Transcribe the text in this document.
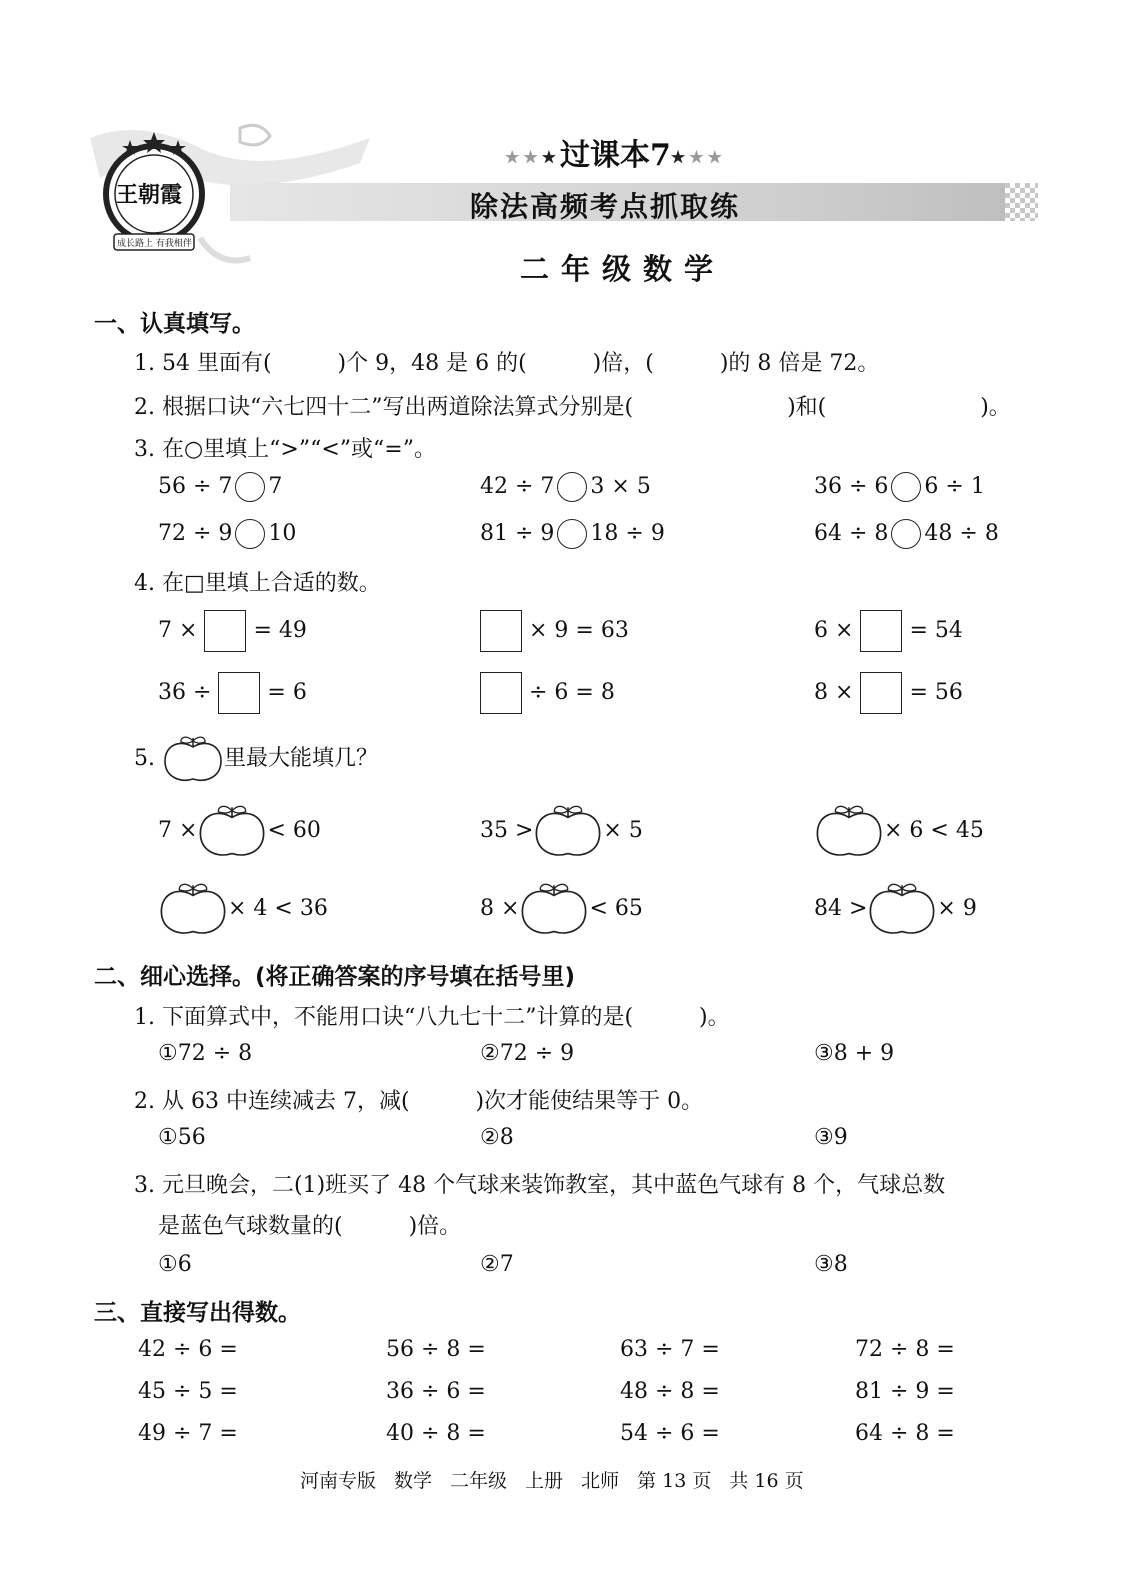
王朝霞
成长路上 有我相伴
★★★过课本7★★★
除法高频考点抓取练
二年级数学
一、认真填写。
1. 54 里面有(　　　)个 9，48 是 6 的(　　　)倍，(　　　)的 8 倍是 72。
2. 根据口诀“六七四十二”写出两道除法算式分别是(　　　　　　　)和(　　　　　　　)。
3. 在○里填上“>”“<”或“=”。
56 ÷ 7 7	42 ÷ 7 3 × 5	36 ÷ 6 6 ÷ 1
72 ÷ 9 10	81 ÷ 9 18 ÷ 9	64 ÷ 8 48 ÷ 8
4. 在□里填上合适的数。
7 ×	= 49	× 9 = 63	6 ×	= 54
36 ÷	= 6	÷ 6 = 8	8 ×	= 56
5.	里最大能填几？
7 ×	< 60	35 >	× 5	× 6 < 45
× 4 < 36	8 ×	< 65	84 >	× 9
二、细心选择。(将正确答案的序号填在括号里)
1. 下面算式中，不能用口诀“八九七十二”计算的是(　　　)。
①72 ÷ 8	②72 ÷ 9	③8 + 9
2. 从 63 中连续减去 7，减(　　　)次才能使结果等于 0。
①56	②8	③9
3. 元旦晚会，二(1)班买了 48 个气球来装饰教室，其中蓝色气球有 8 个，气球总数
是蓝色气球数量的(　　　)倍。
①6	②7	③8
三、直接写出得数。
42 ÷ 6 =	56 ÷ 8 =	63 ÷ 7 =	72 ÷ 8 =
45 ÷ 5 =	36 ÷ 6 =	48 ÷ 8 =	81 ÷ 9 =
49 ÷ 7 =	40 ÷ 8 =	54 ÷ 6 =	64 ÷ 8 =
河南专版 数学 二年级 上册 北师 第 13 页 共 16 页
